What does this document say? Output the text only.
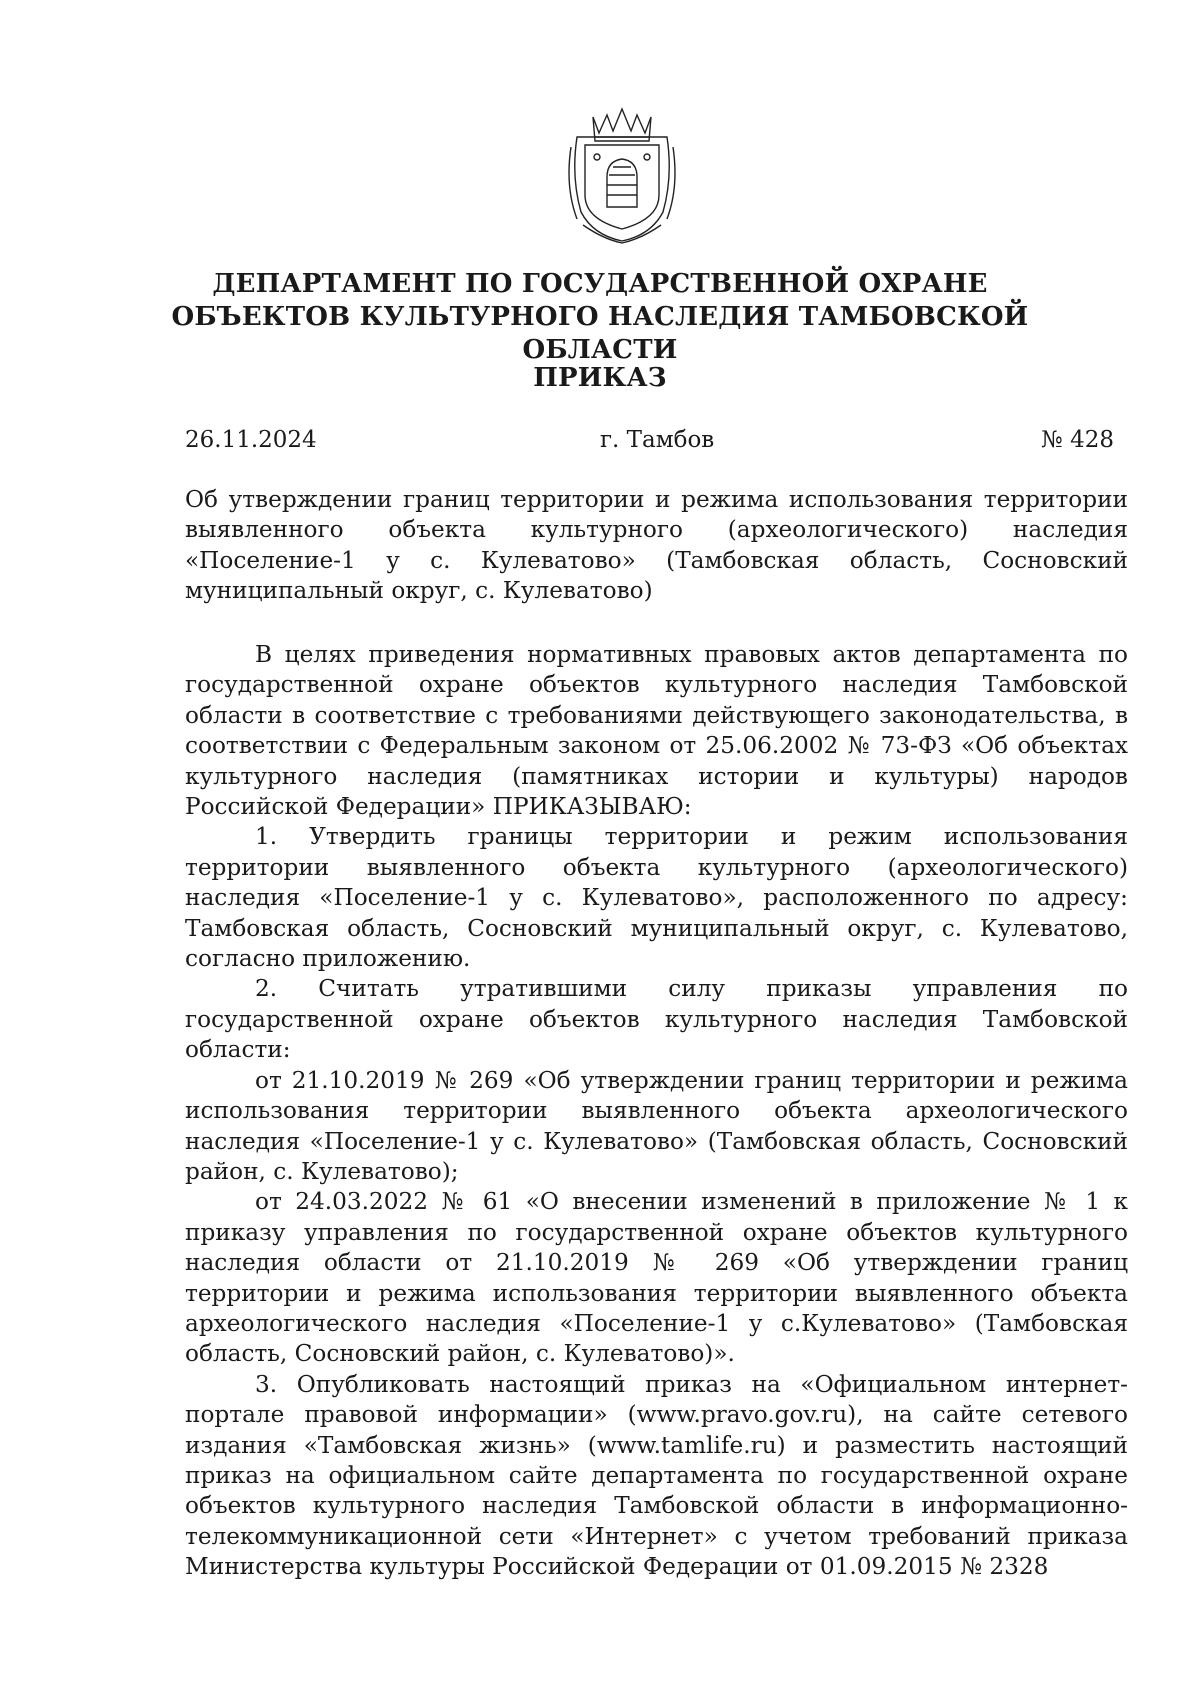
ДЕПАРТАМЕНТ ПО ГОСУДАРСТВЕННОЙ ОХРАНЕ ОБЪЕКТОВ КУЛЬТУРНОГО НАСЛЕДИЯ ТАМБОВСКОЙ ОБЛАСТИ
ПРИКАЗ
26.11.2024	г. Тамбов	№ 428

Об утверждении границ территории и режима использования территории выявленного объекта культурного (археологического) наследия «Поселение-1 у с. Кулеватово» (Тамбовская область, Сосновский муниципальный округ, с. Кулеватово)

В целях приведения нормативных правовых актов департамента по государственной охране объектов культурного наследия Тамбовской области в соответствие с требованиями действующего законодательства, в соответствии с Федеральным законом от 25.06.2002 № 73-ФЗ «Об объектах культурного наследия (памятниках истории и культуры) народов Российской Федерации» ПРИКАЗЫВАЮ:

1. Утвердить границы территории и режим использования территории выявленного объекта культурного (археологического) наследия «Поселение-1 у с. Кулеватово», расположенного по адресу: Тамбовская область, Сосновский муниципальный округ, с. Кулеватово, согласно приложению.

2. Считать утратившими силу приказы управления по государственной охране объектов культурного наследия Тамбовской области:

от 21.10.2019 № 269 «Об утверждении границ территории и режима использования территории выявленного объекта археологического наследия «Поселение-1 у с. Кулеватово» (Тамбовская область, Сосновский район, с. Кулеватово);

от 24.03.2022 № 61 «О внесении изменений в приложение № 1 к приказу управления по государственной охране объектов культурного наследия области от 21.10.2019 № 269 «Об утверждении границ территории и режима использования территории выявленного объекта археологического наследия «Поселение-1 у с.Кулеватово» (Тамбовская область, Сосновский район, с. Кулеватово)».

3. Опубликовать настоящий приказ на «Официальном интернет-портале правовой информации» (www.pravo.gov.ru), на сайте сетевого издания «Тамбовская жизнь» (www.tamlife.ru) и разместить настоящий приказ на официальном сайте департамента по государственной охране объектов культурного наследия Тамбовской области в информационно-телекоммуникационной сети «Интернет» с учетом требований приказа Министерства культуры Российской Федерации от 01.09.2015 № 2328
